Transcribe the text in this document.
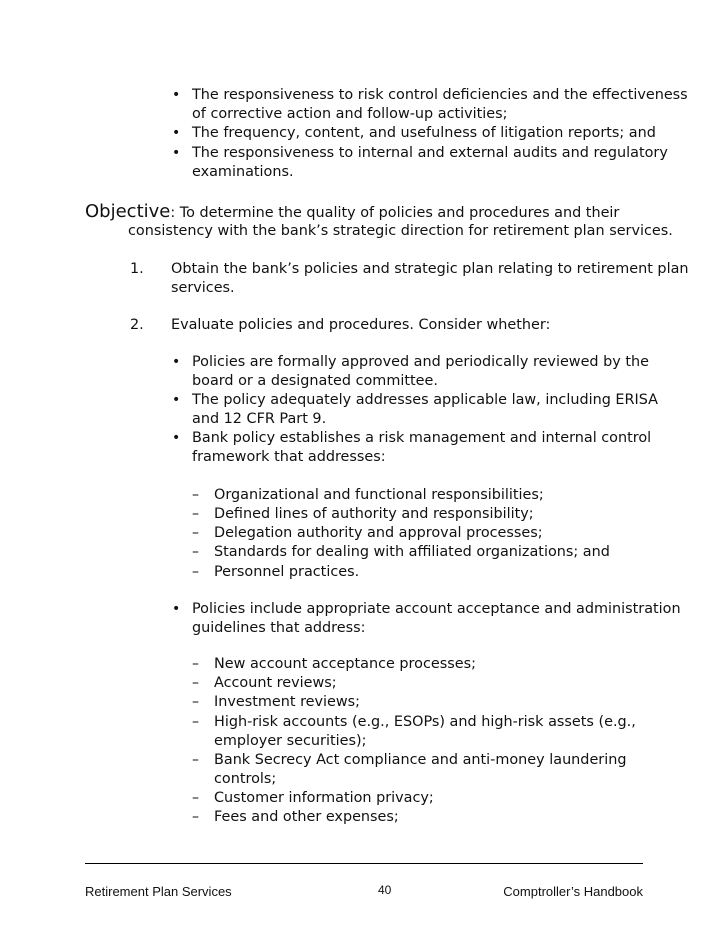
• The responsiveness to risk control deficiencies and the effectiveness
of corrective action and follow-up activities;
• The frequency, content, and usefulness of litigation reports; and
• The responsiveness to internal and external audits and regulatory
examinations.
Objective: To determine the quality of policies and procedures and their
consistency with the bank’s strategic direction for retirement plan services.
1. Obtain the bank’s policies and strategic plan relating to retirement plan
services.
2. Evaluate policies and procedures. Consider whether:
• Policies are formally approved and periodically reviewed by the
board or a designated committee.
• The policy adequately addresses applicable law, including ERISA
and 12 CFR Part 9.
• Bank policy establishes a risk management and internal control
framework that addresses:
– Organizational and functional responsibilities;
– Defined lines of authority and responsibility;
– Delegation authority and approval processes;
– Standards for dealing with affiliated organizations; and
– Personnel practices.
• Policies include appropriate account acceptance and administration
guidelines that address:
– New account acceptance processes;
– Account reviews;
– Investment reviews;
– High-risk accounts (e.g., ESOPs) and high-risk assets (e.g.,
employer securities);
– Bank Secrecy Act compliance and anti-money laundering
controls;
– Customer information privacy;
– Fees and other expenses;
Retirement Plan Services	40	Comptroller’s Handbook
